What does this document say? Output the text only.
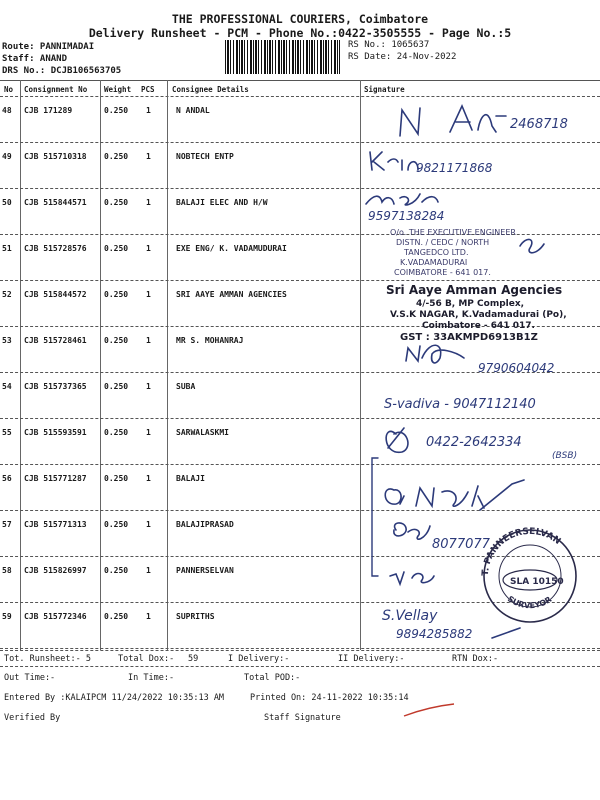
THE PROFESSIONAL COURIERS, Coimbatore
Delivery Runsheet - PCM - Phone No.:0422-3505555 - Page No.:5
Route: PANNIMADAI
Staff: ANAND
DRS No.: DCJB106563705
RS No.: 1065637
RS Date: 24-Nov-2022
No Consignment No Weight PCS Consignee Details	Signature
48 CJB 171289	0.250 1	N ANDAL
49 CJB 515710318 0.250 1	NOBTECH ENTP
50 CJB 515844571 0.250 1	BALAJI ELEC AND H/W
51 CJB 515728576 0.250 1	EXE ENG/ K. VADAMUDURAI
52 CJB 515844572 0.250 1	SRI AAYE AMMAN AGENCIES
53 CJB 515728461 0.250 1	MR S. MOHANRAJ
54 CJB 515737365 0.250 1	SUBA
55 CJB 515593591 0.250 1	SARWALASKMI
56 CJB 515771287 0.250 1	BALAJI
57 CJB 515771313 0.250 1	BALAJIPRASAD
58 CJB 515826997 0.250 1	PANNERSELVAN
59 CJB 515772346 0.250 1	SUPRITHS
2468718
9821171868
9597138284
9790604042
S-vadiva - 9047112140
0422-2642334
(BSB)
8077077
S.Vellay
9894285882
O/o. THE EXECUTIVE ENGINEER
DISTN. / CEDC / NORTH
TANGEDCO LTD.
K.VADAMADURAI
COIMBATORE - 641 017.
Sri Aaye Amman Agencies
4/-56 B, MP Complex,
V.S.K NAGAR, K.Vadamadurai (Po),
Coimbatore - 641 017.
GST : 33AKMPD6913B1Z
T. PANNEERSELVAN
SURVEYOR
SLA 10150
Tot. Runsheet:- 5	Total Dox:- 59	I Delivery:-	II Delivery:-	RTN Dox:-
Out Time:-	In Time:-	Total POD:-
Entered By :KALAIPCM 11/24/2022 10:35:13 AM	Printed On: 24-11-2022 10:35:14
Verified By	Staff Signature
